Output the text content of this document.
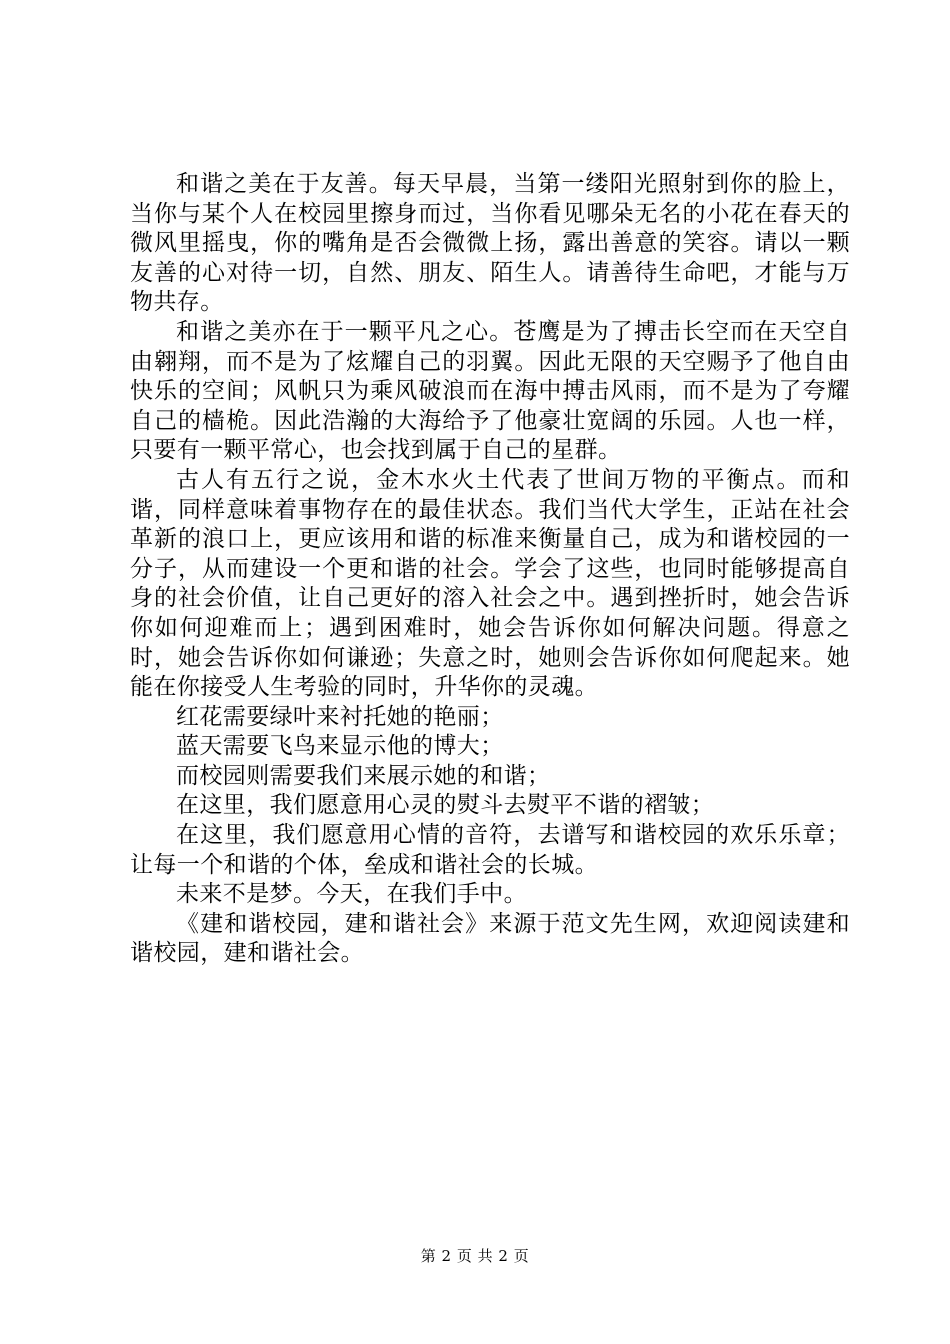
和谐之美在于友善。每天早晨，当第一缕阳光照射到你的脸上，当你与某个人在校园里擦身而过，当你看见哪朵无名的小花在春天的微风里摇曳，你的嘴角是否会微微上扬，露出善意的笑容。请以一颗友善的心对待一切，自然、朋友、陌生人。请善待生命吧，才能与万物共存。

和谐之美亦在于一颗平凡之心。苍鹰是为了搏击长空而在天空自由翱翔，而不是为了炫耀自己的羽翼。因此无限的天空赐予了他自由快乐的空间；风帆只为乘风破浪而在海中搏击风雨，而不是为了夸耀自己的樯桅。因此浩瀚的大海给予了他豪壮宽阔的乐园。人也一样，只要有一颗平常心，也会找到属于自己的星群。

古人有五行之说，金木水火土代表了世间万物的平衡点。而和谐，同样意味着事物存在的最佳状态。我们当代大学生，正站在社会革新的浪口上，更应该用和谐的标准来衡量自己，成为和谐校园的一分子，从而建设一个更和谐的社会。学会了这些，也同时能够提高自身的社会价值，让自己更好的溶入社会之中。遇到挫折时，她会告诉你如何迎难而上；遇到困难时，她会告诉你如何解决问题。得意之时，她会告诉你如何谦逊；失意之时，她则会告诉你如何爬起来。她能在你接受人生考验的同时，升华你的灵魂。

红花需要绿叶来衬托她的艳丽；

蓝天需要飞鸟来显示他的博大；

而校园则需要我们来展示她的和谐；

在这里，我们愿意用心灵的熨斗去熨平不谐的褶皱；

在这里，我们愿意用心情的音符，去谱写和谐校园的欢乐乐章；让每一个和谐的个体，垒成和谐社会的长城。

未来不是梦。今天，在我们手中。

《建和谐校园，建和谐社会》来源于范文先生网，欢迎阅读建和谐校园，建和谐社会。

第 2 页 共 2 页
